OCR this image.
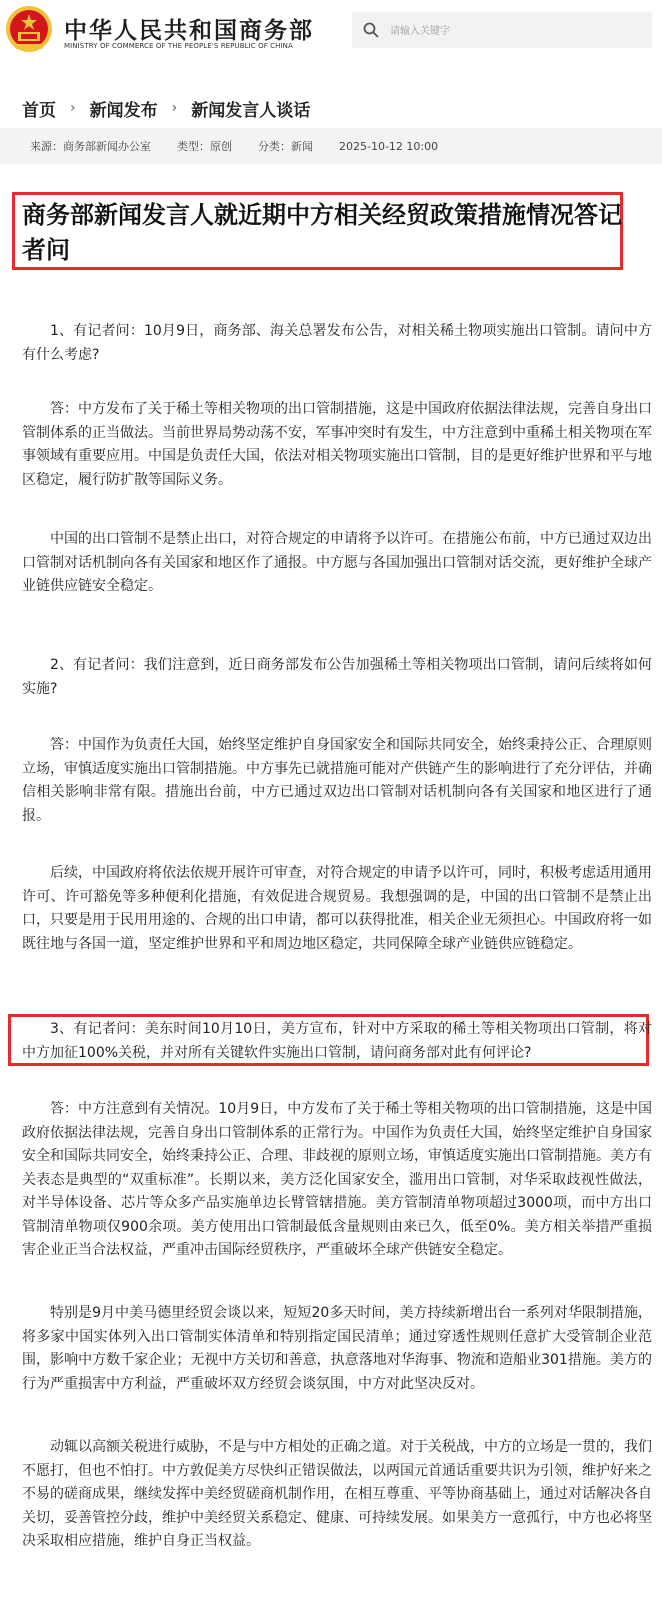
中华人民共和国商务部
MINISTRY OF COMMERCE OF THE PEOPLE'S REPUBLIC OF CHINA
请输入关键字
首页 › 新闻发布 › 新闻发言人谈话
来源：商务部新闻办公室 类型：原创 分类：新闻 2025-10-12 10:00
商务部新闻发言人就近期中方相关经贸政策措施情况答记者问

1、有记者问：10月9日，商务部、海关总署发布公告，对相关稀土物项实施出口管制。请问中方有什么考虑?

答：中方发布了关于稀土等相关物项的出口管制措施，这是中国政府依据法律法规，完善自身出口管制体系的正当做法。当前世界局势动荡不安，军事冲突时有发生，中方注意到中重稀土相关物项在军事领域有重要应用。中国是负责任大国，依法对相关物项实施出口管制，目的是更好维护世界和平与地区稳定，履行防扩散等国际义务。

中国的出口管制不是禁止出口，对符合规定的申请将予以许可。在措施公布前，中方已通过双边出口管制对话机制向各有关国家和地区作了通报。中方愿与各国加强出口管制对话交流，更好维护全球产业链供应链安全稳定。

2、有记者问：我们注意到，近日商务部发布公告加强稀土等相关物项出口管制，请问后续将如何实施?

答：中国作为负责任大国，始终坚定维护自身国家安全和国际共同安全，始终秉持公正、合理原则立场，审慎适度实施出口管制措施。中方事先已就措施可能对产供链产生的影响进行了充分评估，并确信相关影响非常有限。措施出台前，中方已通过双边出口管制对话机制向各有关国家和地区进行了通报。

后续，中国政府将依法依规开展许可审查，对符合规定的申请予以许可，同时，积极考虑适用通用许可、许可豁免等多种便利化措施，有效促进合规贸易。我想强调的是，中国的出口管制不是禁止出口，只要是用于民用用途的、合规的出口申请，都可以获得批准，相关企业无须担心。中国政府将一如既往地与各国一道，坚定维护世界和平和周边地区稳定，共同保障全球产业链供应链稳定。

3、有记者问：美东时间10月10日，美方宣布，针对中方采取的稀土等相关物项出口管制，将对中方加征100%关税，并对所有关键软件实施出口管制，请问商务部对此有何评论?

答：中方注意到有关情况。10月9日，中方发布了关于稀土等相关物项的出口管制措施，这是中国政府依据法律法规，完善自身出口管制体系的正常行为。中国作为负责任大国，始终坚定维护自身国家安全和国际共同安全，始终秉持公正、合理、非歧视的原则立场，审慎适度实施出口管制措施。美方有关表态是典型的“双重标准”。长期以来，美方泛化国家安全，滥用出口管制，对华采取歧视性做法，对半导体设备、芯片等众多产品实施单边长臂管辖措施。美方管制清单物项超过3000项，而中方出口管制清单物项仅900余项。美方使用出口管制最低含量规则由来已久，低至0%。美方相关举措严重损害企业正当合法权益，严重冲击国际经贸秩序，严重破坏全球产供链安全稳定。

特别是9月中美马德里经贸会谈以来，短短20多天时间，美方持续新增出台一系列对华限制措施，将多家中国实体列入出口管制实体清单和特别指定国民清单；通过穿透性规则任意扩大受管制企业范围，影响中方数千家企业；无视中方关切和善意，执意落地对华海事、物流和造船业301措施。美方的行为严重损害中方利益，严重破坏双方经贸会谈氛围，中方对此坚决反对。

动辄以高额关税进行威胁，不是与中方相处的正确之道。对于关税战，中方的立场是一贯的，我们不愿打，但也不怕打。中方敦促美方尽快纠正错误做法，以两国元首通话重要共识为引领，维护好来之不易的磋商成果，继续发挥中美经贸磋商机制作用，在相互尊重、平等协商基础上，通过对话解决各自关切，妥善管控分歧，维护中美经贸关系稳定、健康、可持续发展。如果美方一意孤行，中方也必将坚决采取相应措施，维护自身正当权益。
